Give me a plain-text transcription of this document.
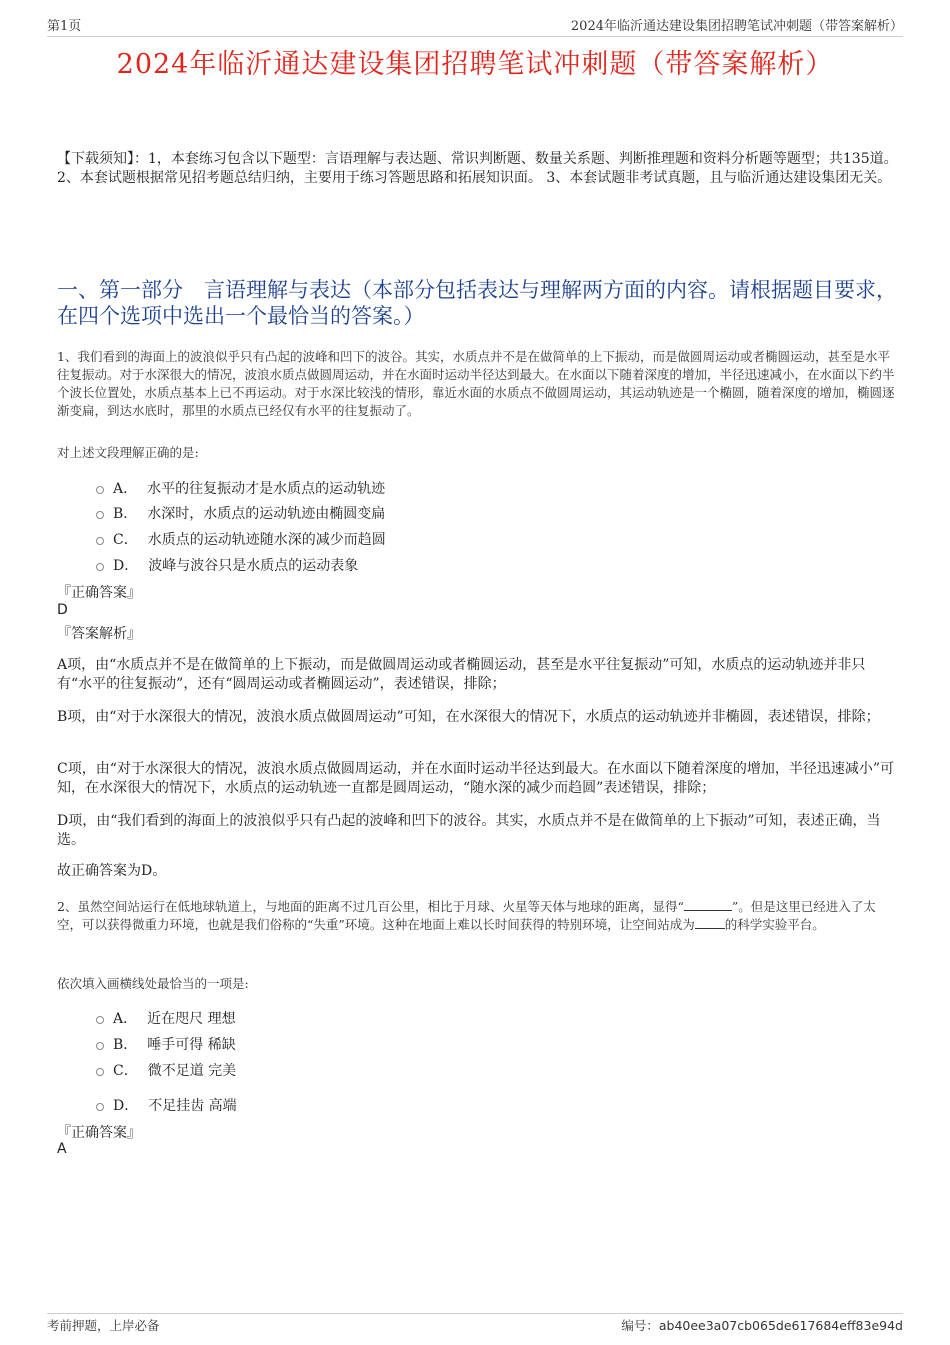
第1页	2024年临沂通达建设集团招聘笔试冲刺题（带答案解析）
2024年临沂通达建设集团招聘笔试冲刺题（带答案解析）
【下载须知】：1，本套练习包含以下题型：言语理解与表达题、常识判断题、数量关系题、判断推理题和资料分析题等题型；共135道。 2、本套试题根据常见招考题总结归纳，主要用于练习答题思路和拓展知识面。 3、本套试题非考试真题，且与临沂通达建设集团无关。
一、第一部分　言语理解与表达（本部分包括表达与理解两方面的内容。请根据题目要求，在四个选项中选出一个最恰当的答案。）
1、我们看到的海面上的波浪似乎只有凸起的波峰和凹下的波谷。其实，水质点并不是在做简单的上下振动，而是做圆周运动或者椭圆运动，甚至是水平往复振动。对于水深很大的情况，波浪水质点做圆周运动，并在水面时运动半径达到最大。在水面以下随着深度的增加，半径迅速减小，在水面以下约半个波长位置处，水质点基本上已不再运动。对于水深比较浅的情形，靠近水面的水质点不做圆周运动，其运动轨迹是一个椭圆，随着深度的增加，椭圆逐渐变扁，到达水底时，那里的水质点已经仅有水平的往复振动了。
对上述文段理解正确的是:
A． 水平的往复振动才是水质点的运动轨迹
B． 水深时，水质点的运动轨迹由椭圆变扁
C． 水质点的运动轨迹随水深的减少而趋圆
D． 波峰与波谷只是水质点的运动表象
『正确答案』
D
『答案解析』
A项，由“水质点并不是在做简单的上下振动，而是做圆周运动或者椭圆运动，甚至是水平往复振动”可知，水质点的运动轨迹并非只有“水平的往复振动”，还有“圆周运动或者椭圆运动”，表述错误，排除；
B项，由“对于水深很大的情况，波浪水质点做圆周运动”可知，在水深很大的情况下，水质点的运动轨迹并非椭圆，表述错误，排除；
C项，由“对于水深很大的情况，波浪水质点做圆周运动，并在水面时运动半径达到最大。在水面以下随着深度的增加，半径迅速减小”可知，在水深很大的情况下，水质点的运动轨迹一直都是圆周运动，“随水深的减少而趋圆”表述错误，排除；
D项，由“我们看到的海面上的波浪似乎只有凸起的波峰和凹下的波谷。其实，水质点并不是在做简单的上下振动”可知，表述正确，当选。
故正确答案为D。
2、虽然空间站运行在低地球轨道上，与地面的距离不过几百公里，相比于月球、火星等天体与地球的距离，显得“	”。但是这里已经进入了太空，可以获得微重力环境，也就是我们俗称的“失重”环境。这种在地面上难以长时间获得的特别环境，让空间站成为 的科学实验平台。
依次填入画横线处最恰当的一项是:
A． 近在咫尺 理想
B． 唾手可得 稀缺
C． 微不足道 完美
D． 不足挂齿 高端
『正确答案』
A
考前押题，上岸必备	编号：ab40ee3a07cb065de617684eff83e94d
